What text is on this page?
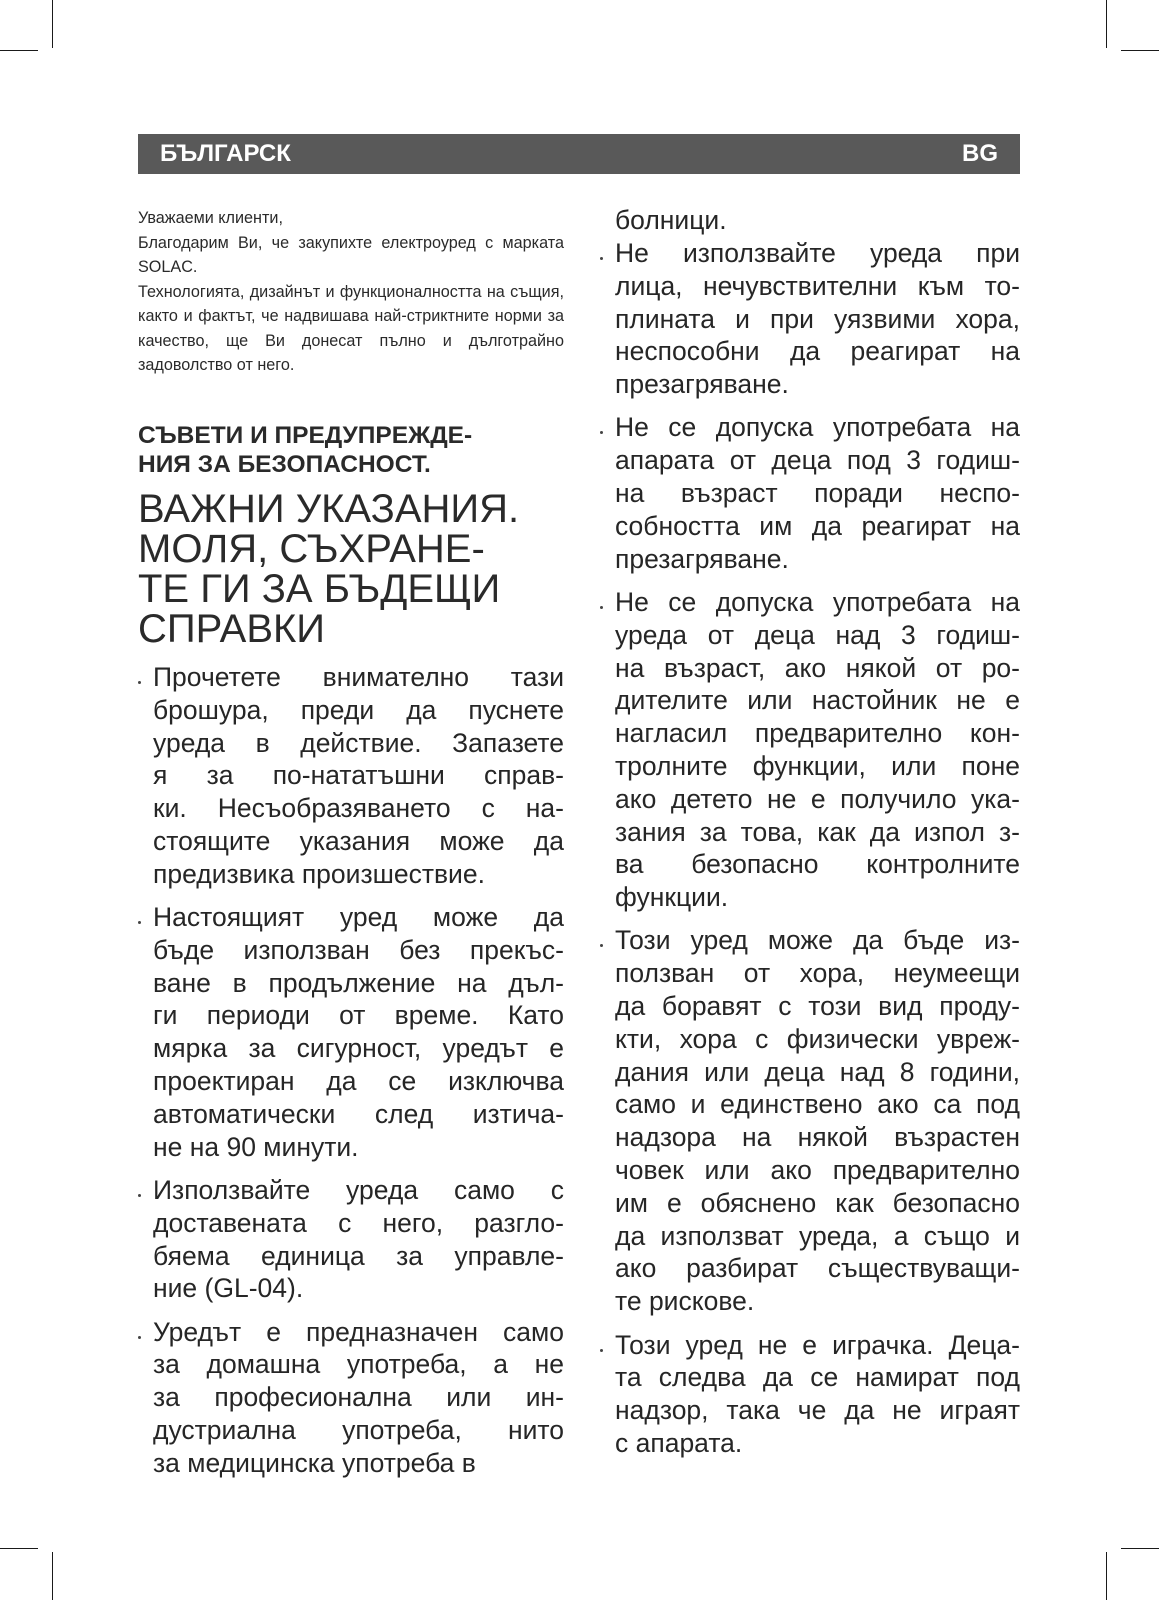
БЪЛГАРСК	BG

Уважаеми клиенти,

Благодарим Ви, че закупихте електроуред с марката SOLAC.

Технологията, дизайнът и функционалността на същия, както и фактът, че надвишава най-стриктните норми за качество, ще Ви донесат пълно и дълготрайно задоволство от него.

СЪВЕТИ И ПРЕДУПРЕЖДЕ-
НИЯ ЗА БЕЗОПАСНОСТ.
ВАЖНИ УКАЗАНИЯ.
МОЛЯ, СЪХРАНЕ-
ТЕ ГИ ЗА БЪДЕЩИ
СПРАВКИ
Прочетете внимателно тази
брошура, преди да пуснете
уреда в действие. Запазете
я за по-нататъшни справ-
ки. Несъобразяването с на-
стоящите указания може да
предизвика произшествие.
Настоящият уред може да
бъде използван без прекъс-
ване в продължение на дъл-
ги периоди от време. Като
мярка за сигурност, уредът е
проектиран да се изключва
автоматически след изтича-
не на 90 минути.
Използвайте уреда само с
доставената с него, разгло-
бяема единица за управле-
ние (GL-04).
Уредът е предназначен само
за домашна употреба, а не
за професионална или ин-
дустриална употреба, нито
за медицинска употреба в
болници.
Не използвайте уреда при
лица, нечувствителни към то-
плината и при уязвими хора,
неспособни да реагират на
презагряване.
Не се допуска употребата на
апарата от деца под 3 годиш-
на възраст поради неспо-
собността им да реагират на
презагряване.
Не се допуска употребата на
уреда от деца над 3 годиш-
на възраст, ако някой от ро-
дителите или настойник не е
нагласил предварително кон-
тролните функции, или поне
ако детето не е получило ука-
зания за това, как да изпол з-
ва безопасно контролните
функции.
Този уред може да бъде из-
ползван от хора, неумеещи
да боравят с този вид проду-
кти, хора с физически увреж-
дания или деца над 8 години,
само и единствено ако са под
надзора на някой възрастен
човек или ако предварително
им е обяснено как безопасно
да използват уреда, а също и
ако разбират съществуващи-
те рискове.
Този уред не е играчка. Деца-
та следва да се намират под
надзор, така че да не играят
с апарата.
